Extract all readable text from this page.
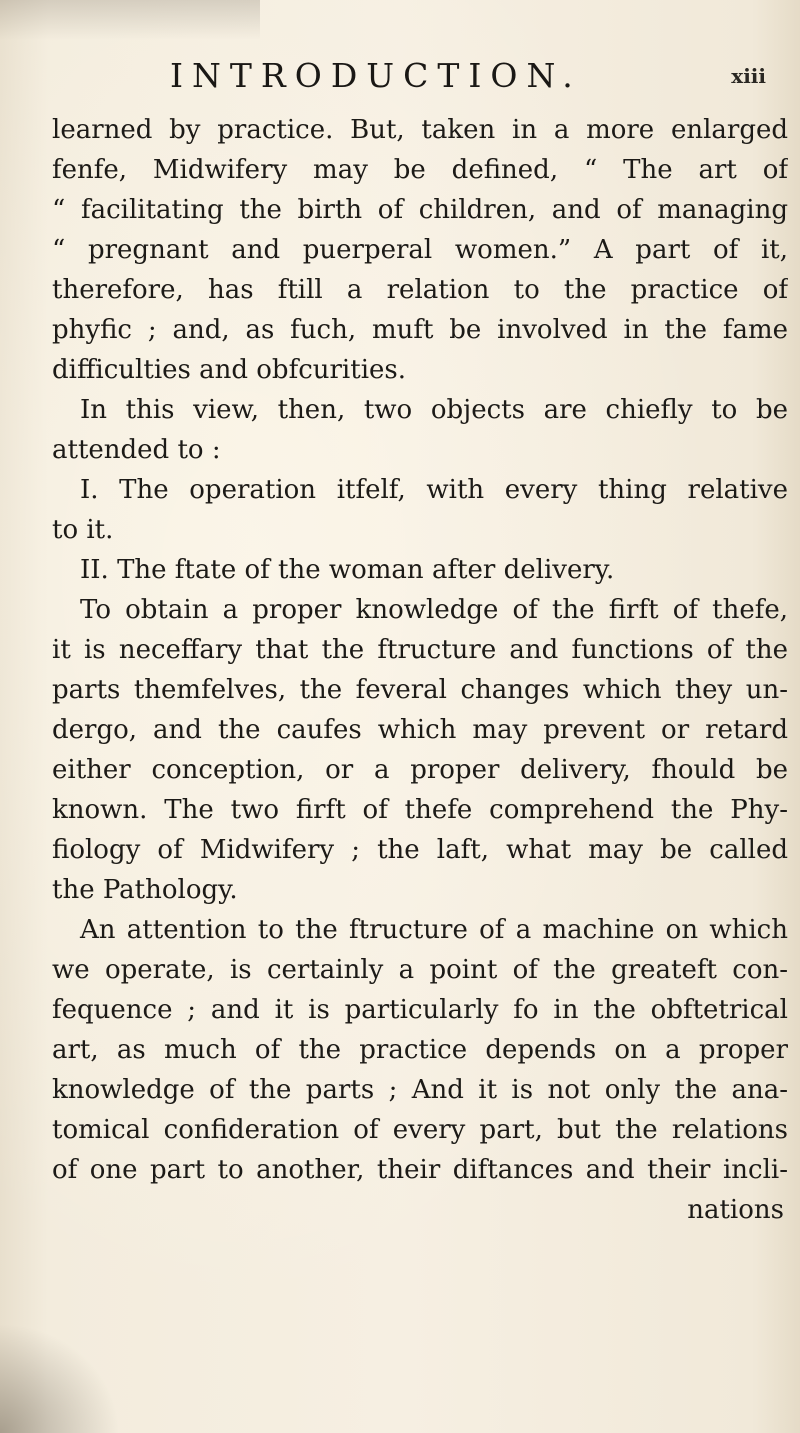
INTRODUCTION.	xiii
learned by practice. But, taken in a more enlarged
fenfe, Midwifery may be defined, “ The art of
“ facilitating the birth of children, and of managing
“ pregnant and puerperal women.” A part of it,
therefore, has ftill a relation to the practice of
phyfic ; and, as fuch, muft be involved in the fame
difficulties and obfcurities.
In this view, then, two objects are chiefly to be
attended to :
I. The operation itfelf, with every thing relative
to it.
II. The ftate of the woman after delivery.
To obtain a proper knowledge of the firft of thefe,
it is neceffary that the ftructure and functions of the
parts themfelves, the feveral changes which they un-
dergo, and the caufes which may prevent or retard
either conception, or a proper delivery, fhould be
known. The two firft of thefe comprehend the Phy-
fiology of Midwifery ; the laft, what may be called
the Pathology.
An attention to the ftructure of a machine on which
we operate, is certainly a point of the greateft con-
fequence ; and it is particularly fo in the obftetrical
art, as much of the practice depends on a proper
knowledge of the parts ; And it is not only the ana-
tomical confideration of every part, but the relations
of one part to another, their diftances and their incli-
nations
